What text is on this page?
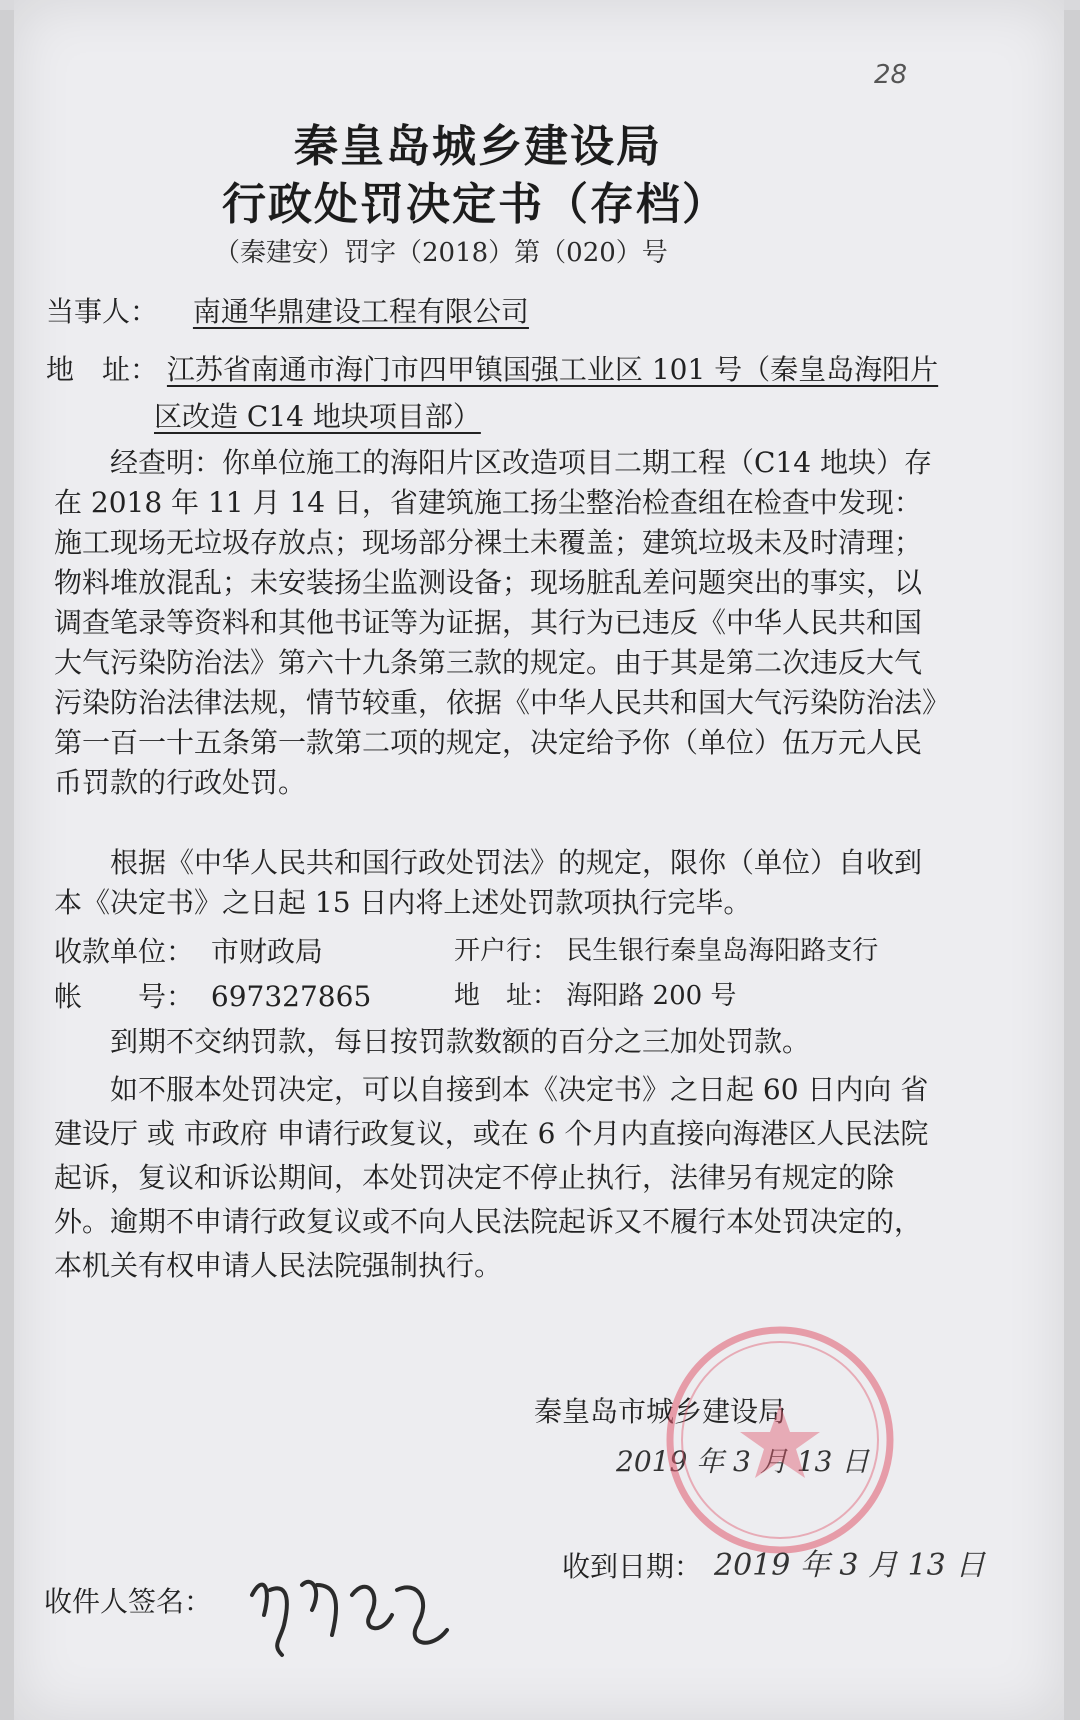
28
秦皇岛城乡建设局
行政处罚决定书（存档）
（秦建安）罚字（2018）第（020）号
当事人： 南通华鼎建设工程有限公司
地　址： 江苏省南通市海门市四甲镇国强工业区 101 号（秦皇岛海阳片
区改造 C14 地块项目部）

经查明：你单位施工的海阳片区改造项目二期工程（C14 地块）存在 2018 年 11 月 14 日，省建筑施工扬尘整治检查组在检查中发现：施工现场无垃圾存放点；现场部分裸土未覆盖；建筑垃圾未及时清理；物料堆放混乱；未安装扬尘监测设备；现场脏乱差问题突出的事实，以调查笔录等资料和其他书证等为证据，其行为已违反《中华人民共和国大气污染防治法》第六十九条第三款的规定。由于其是第二次违反大气污染防治法律法规，情节较重，依据《中华人民共和国大气污染防治法》第一百一十五条第一款第二项的规定，决定给予你（单位）伍万元人民币罚款的行政处罚。

根据《中华人民共和国行政处罚法》的规定，限你（单位）自收到本《决定书》之日起 15 日内将上述处罚款项执行完毕。

收款单位： 市财政局	开户行： 民生银行秦皇岛海阳路支行
帐　　号： 697327865	地　址： 海阳路 200 号

到期不交纳罚款，每日按罚款数额的百分之三加处罚款。

如不服本处罚决定，可以自接到本《决定书》之日起 60 日内向 省建设厅 或 市政府 申请行政复议，或在 6 个月内直接向海港区人民法院起诉，复议和诉讼期间，本处罚决定不停止执行，法律另有规定的除外。逾期不申请行政复议或不向人民法院起诉又不履行本处罚决定的，本机关有权申请人民法院强制执行。

秦皇岛市城乡建设局
2019 年 3 月 13 日
收到日期： 2019 年 3 月 13 日
收件人签名：
